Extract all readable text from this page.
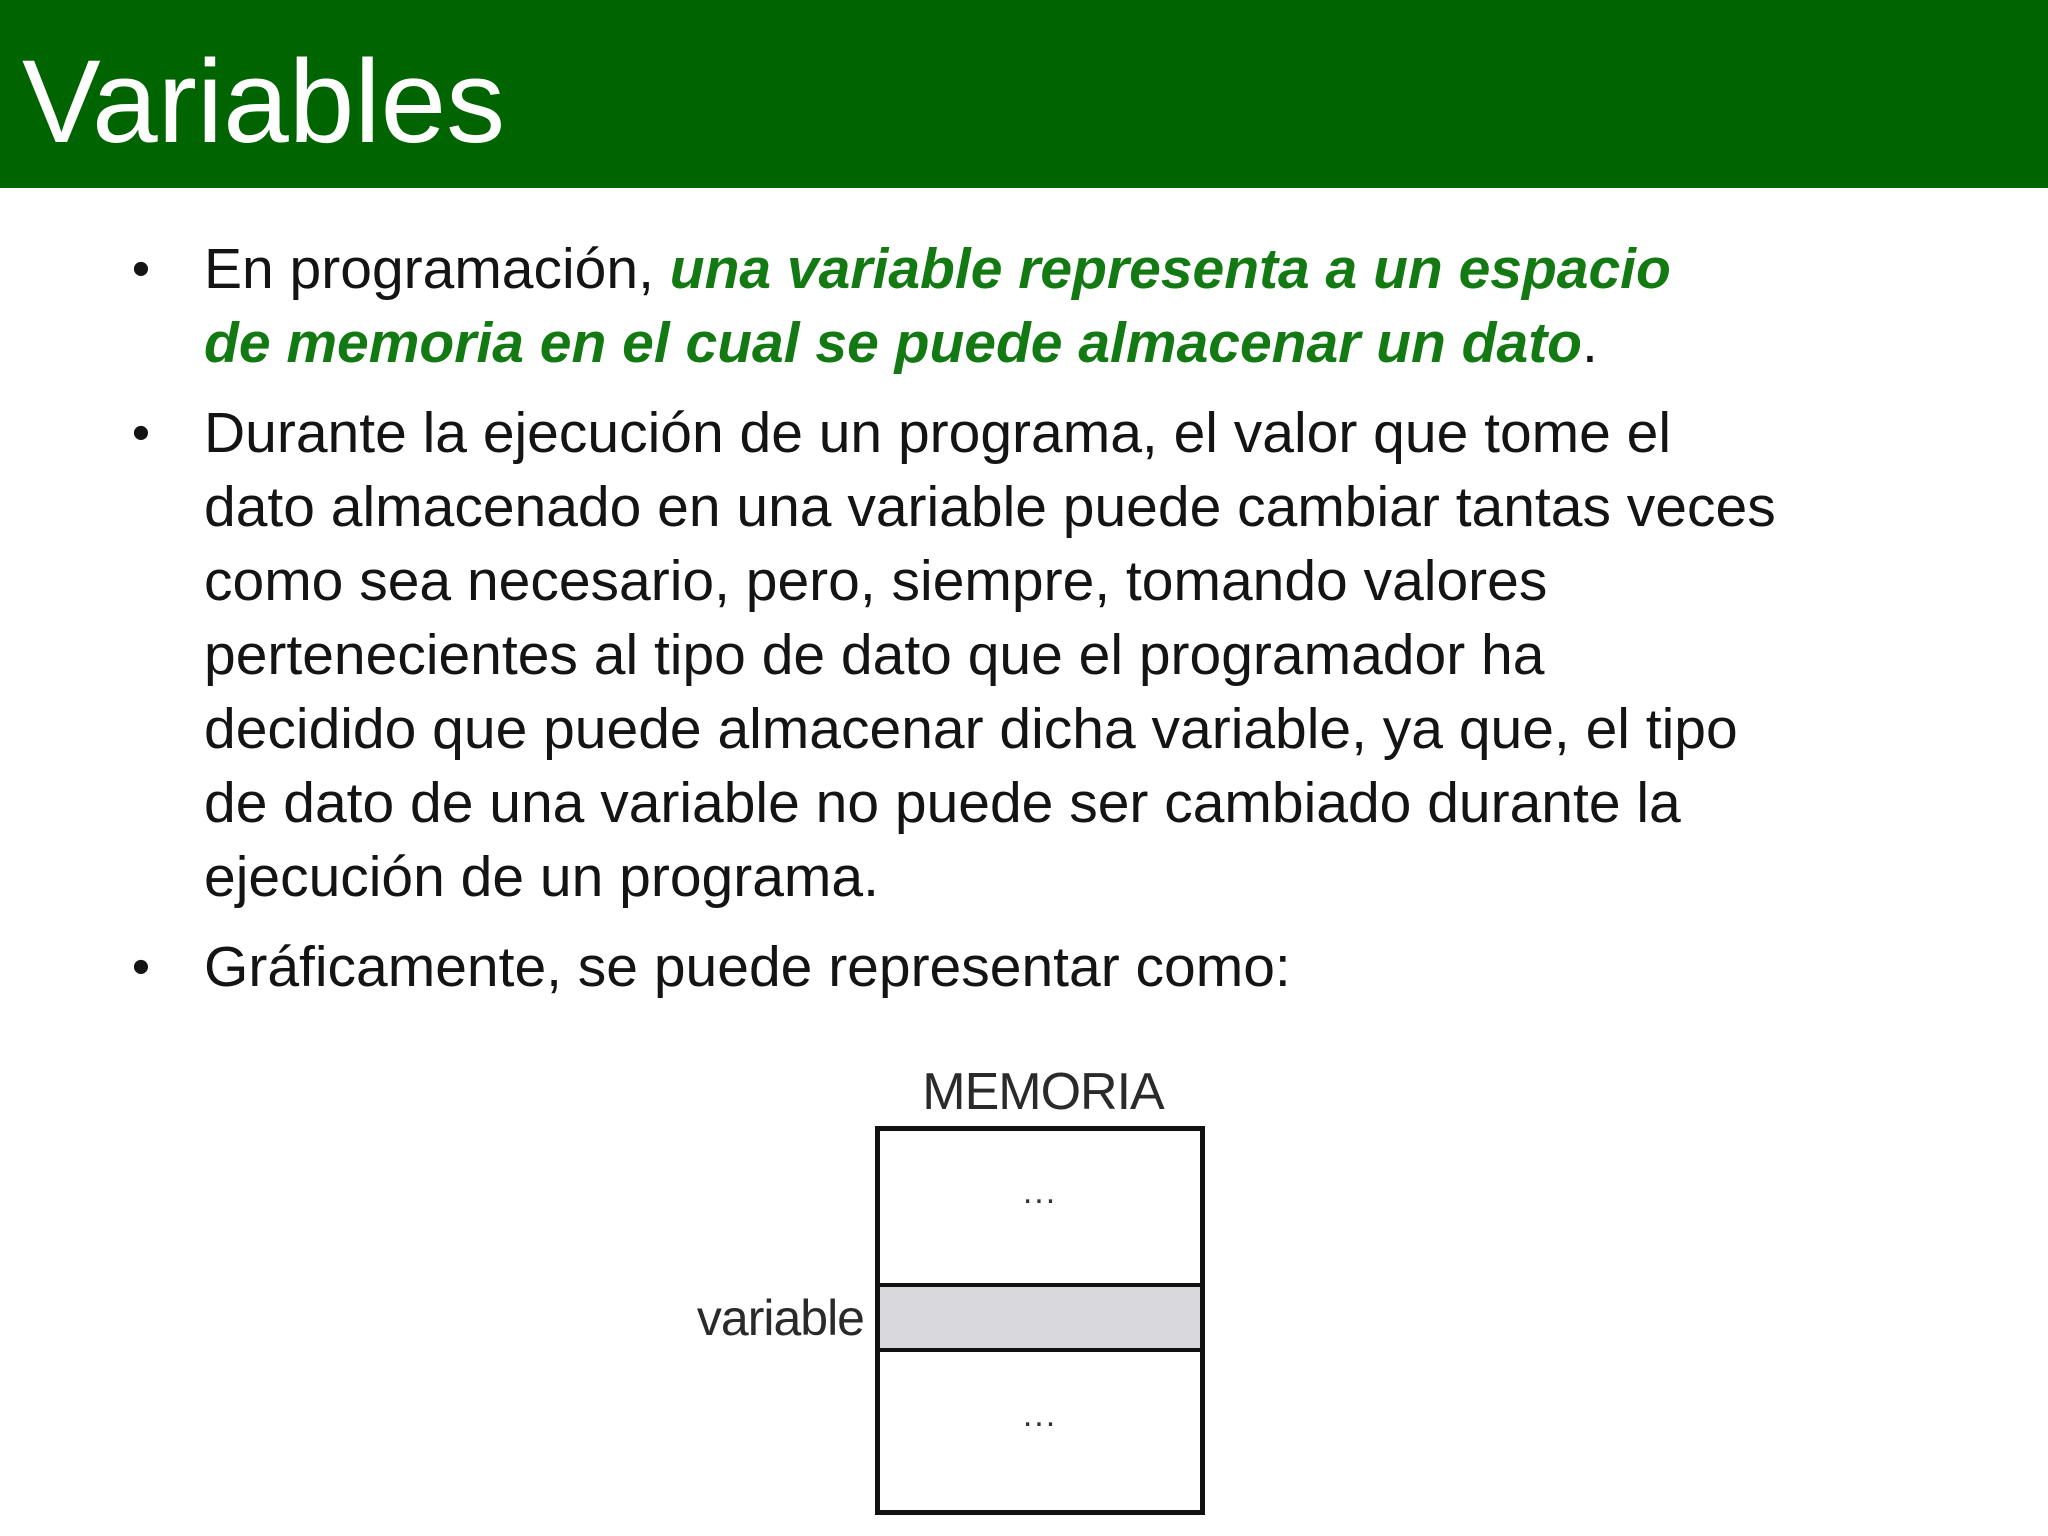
Variables
• En programación, una variable representa a un espacio
de memoria en el cual se puede almacenar un dato.
• Durante la ejecución de un programa, el valor que tome el
dato almacenado en una variable puede cambiar tantas veces
como sea necesario, pero, siempre, tomando valores
pertenecientes al tipo de dato que el programador ha
decidido que puede almacenar dicha variable, ya que, el tipo
de dato de una variable no puede ser cambiado durante la
ejecución de un programa.
• Gráficamente, se puede representar como:
MEMORIA
...
...
variable
